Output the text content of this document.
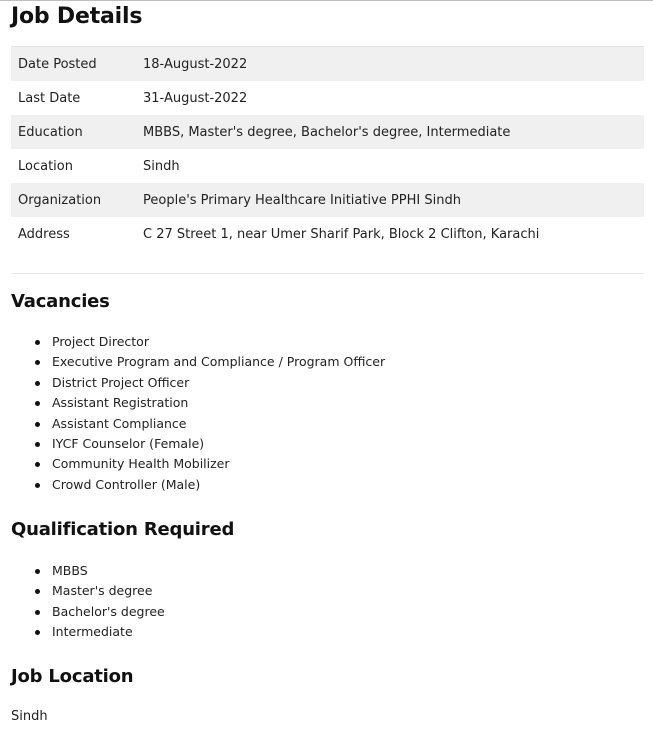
Job Details
Date Posted	18-August-2022
Last Date	31-August-2022
Education	MBBS, Master's degree, Bachelor's degree, Intermediate
Location	Sindh
Organization	People's Primary Healthcare Initiative PPHI Sindh
Address	C 27 Street 1, near Umer Sharif Park, Block 2 Clifton, Karachi
Vacancies
Project Director
Executive Program and Compliance / Program Officer
District Project Officer
Assistant Registration
Assistant Compliance
IYCF Counselor (Female)
Community Health Mobilizer
Crowd Controller (Male)
Qualification Required
MBBS
Master's degree
Bachelor's degree
Intermediate
Job Location
Sindh
